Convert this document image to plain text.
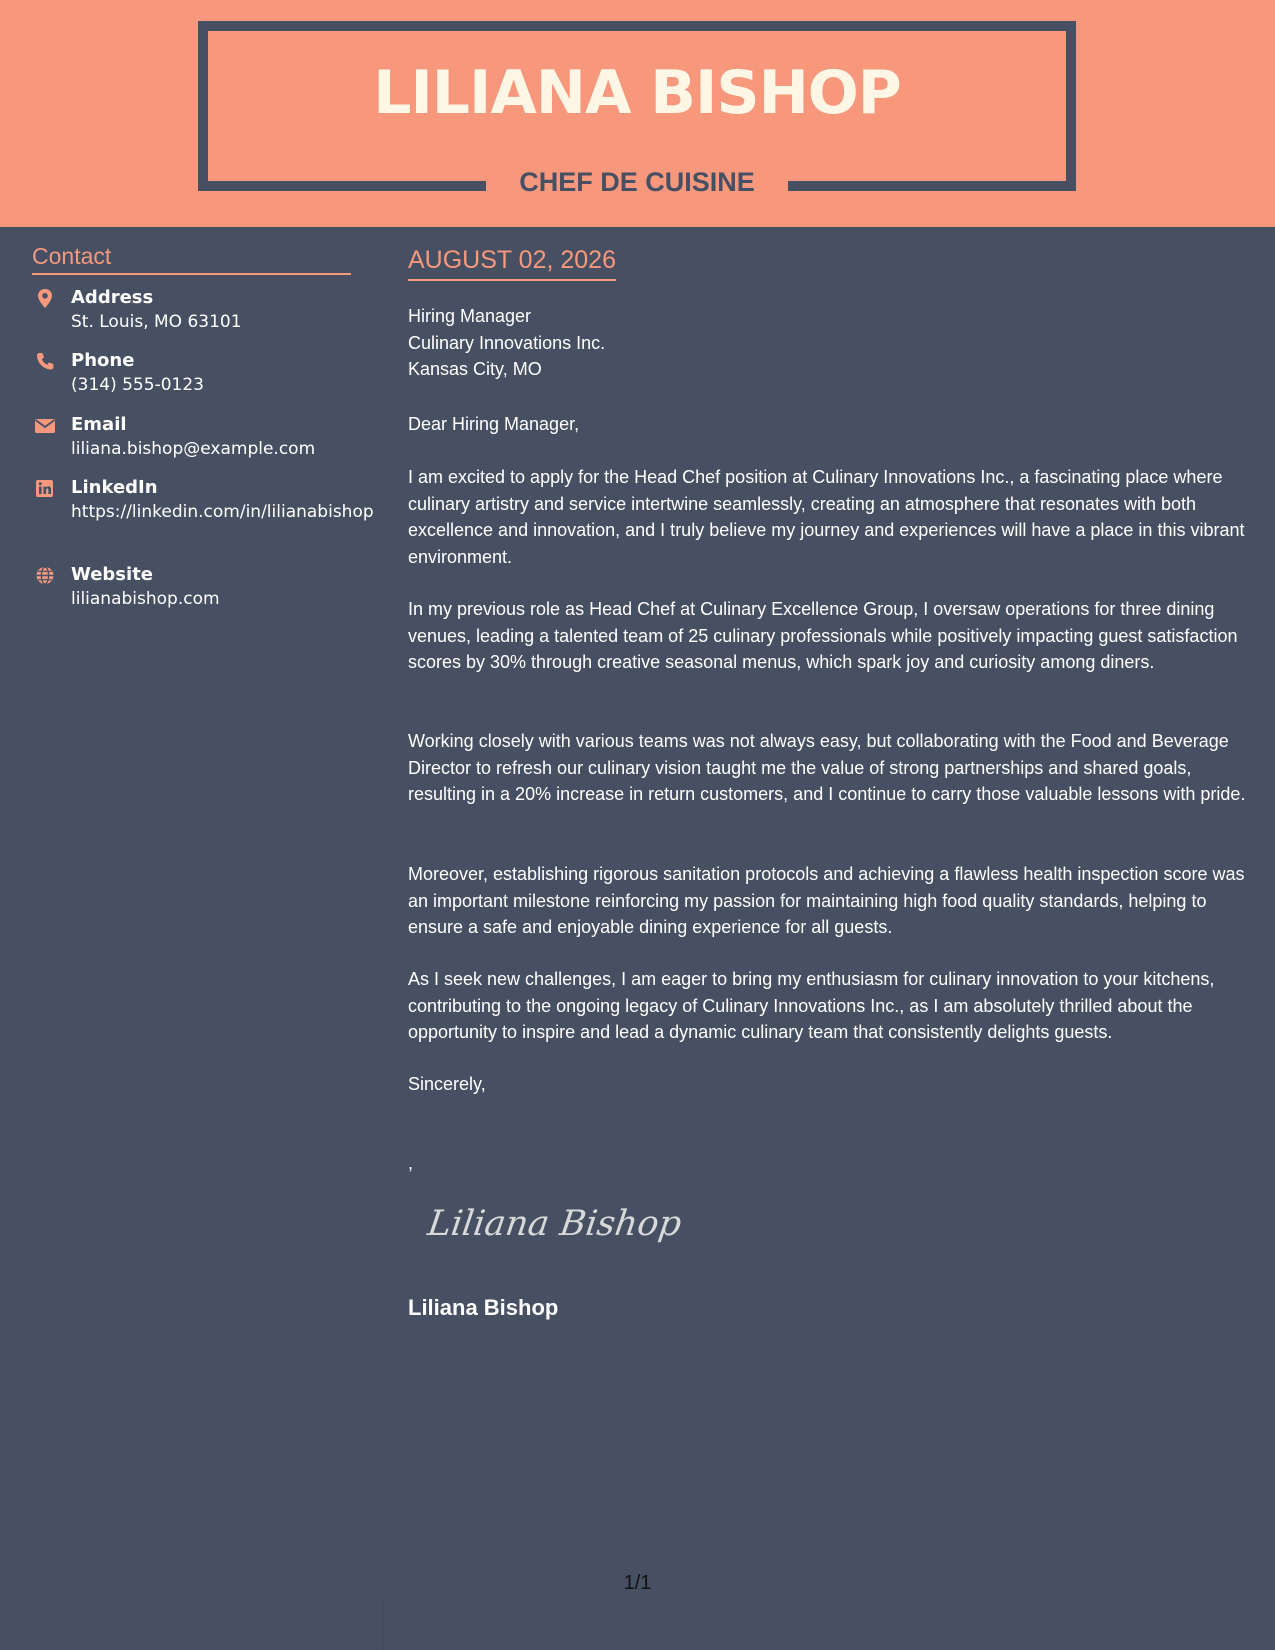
LILIANA BISHOP
CHEF DE CUISINE
Contact
Address
St. Louis, MO 63101
Phone
(314) 555-0123
Email
liliana.bishop@example.com
LinkedIn
https://linkedin.com/in/lilianabishop
Website
lilianabishop.com
AUGUST 02, 2026
Hiring Manager
Culinary Innovations Inc.
Kansas City, MO
Dear Hiring Manager,
I am excited to apply for the Head Chef position at Culinary Innovations Inc., a fascinating place where culinary artistry and service intertwine seamlessly, creating an atmosphere that resonates with both excellence and innovation, and I truly believe my journey and experiences will have a place in this vibrant environment.
In my previous role as Head Chef at Culinary Excellence Group, I oversaw operations for three dining venues, leading a talented team of 25 culinary professionals while positively impacting guest satisfaction scores by 30% through creative seasonal menus, which spark joy and curiosity among diners.
Working closely with various teams was not always easy, but collaborating with the Food and Beverage Director to refresh our culinary vision taught me the value of strong partnerships and shared goals, resulting in a 20% increase in return customers, and I continue to carry those valuable lessons with pride.
Moreover, establishing rigorous sanitation protocols and achieving a flawless health inspection score was an important milestone reinforcing my passion for maintaining high food quality standards, helping to ensure a safe and enjoyable dining experience for all guests.
As I seek new challenges, I am eager to bring my enthusiasm for culinary innovation to your kitchens, contributing to the ongoing legacy of Culinary Innovations Inc., as I am absolutely thrilled about the opportunity to inspire and lead a dynamic culinary team that consistently delights guests.
Sincerely,
,
Liliana Bishop
Liliana Bishop
1/1
